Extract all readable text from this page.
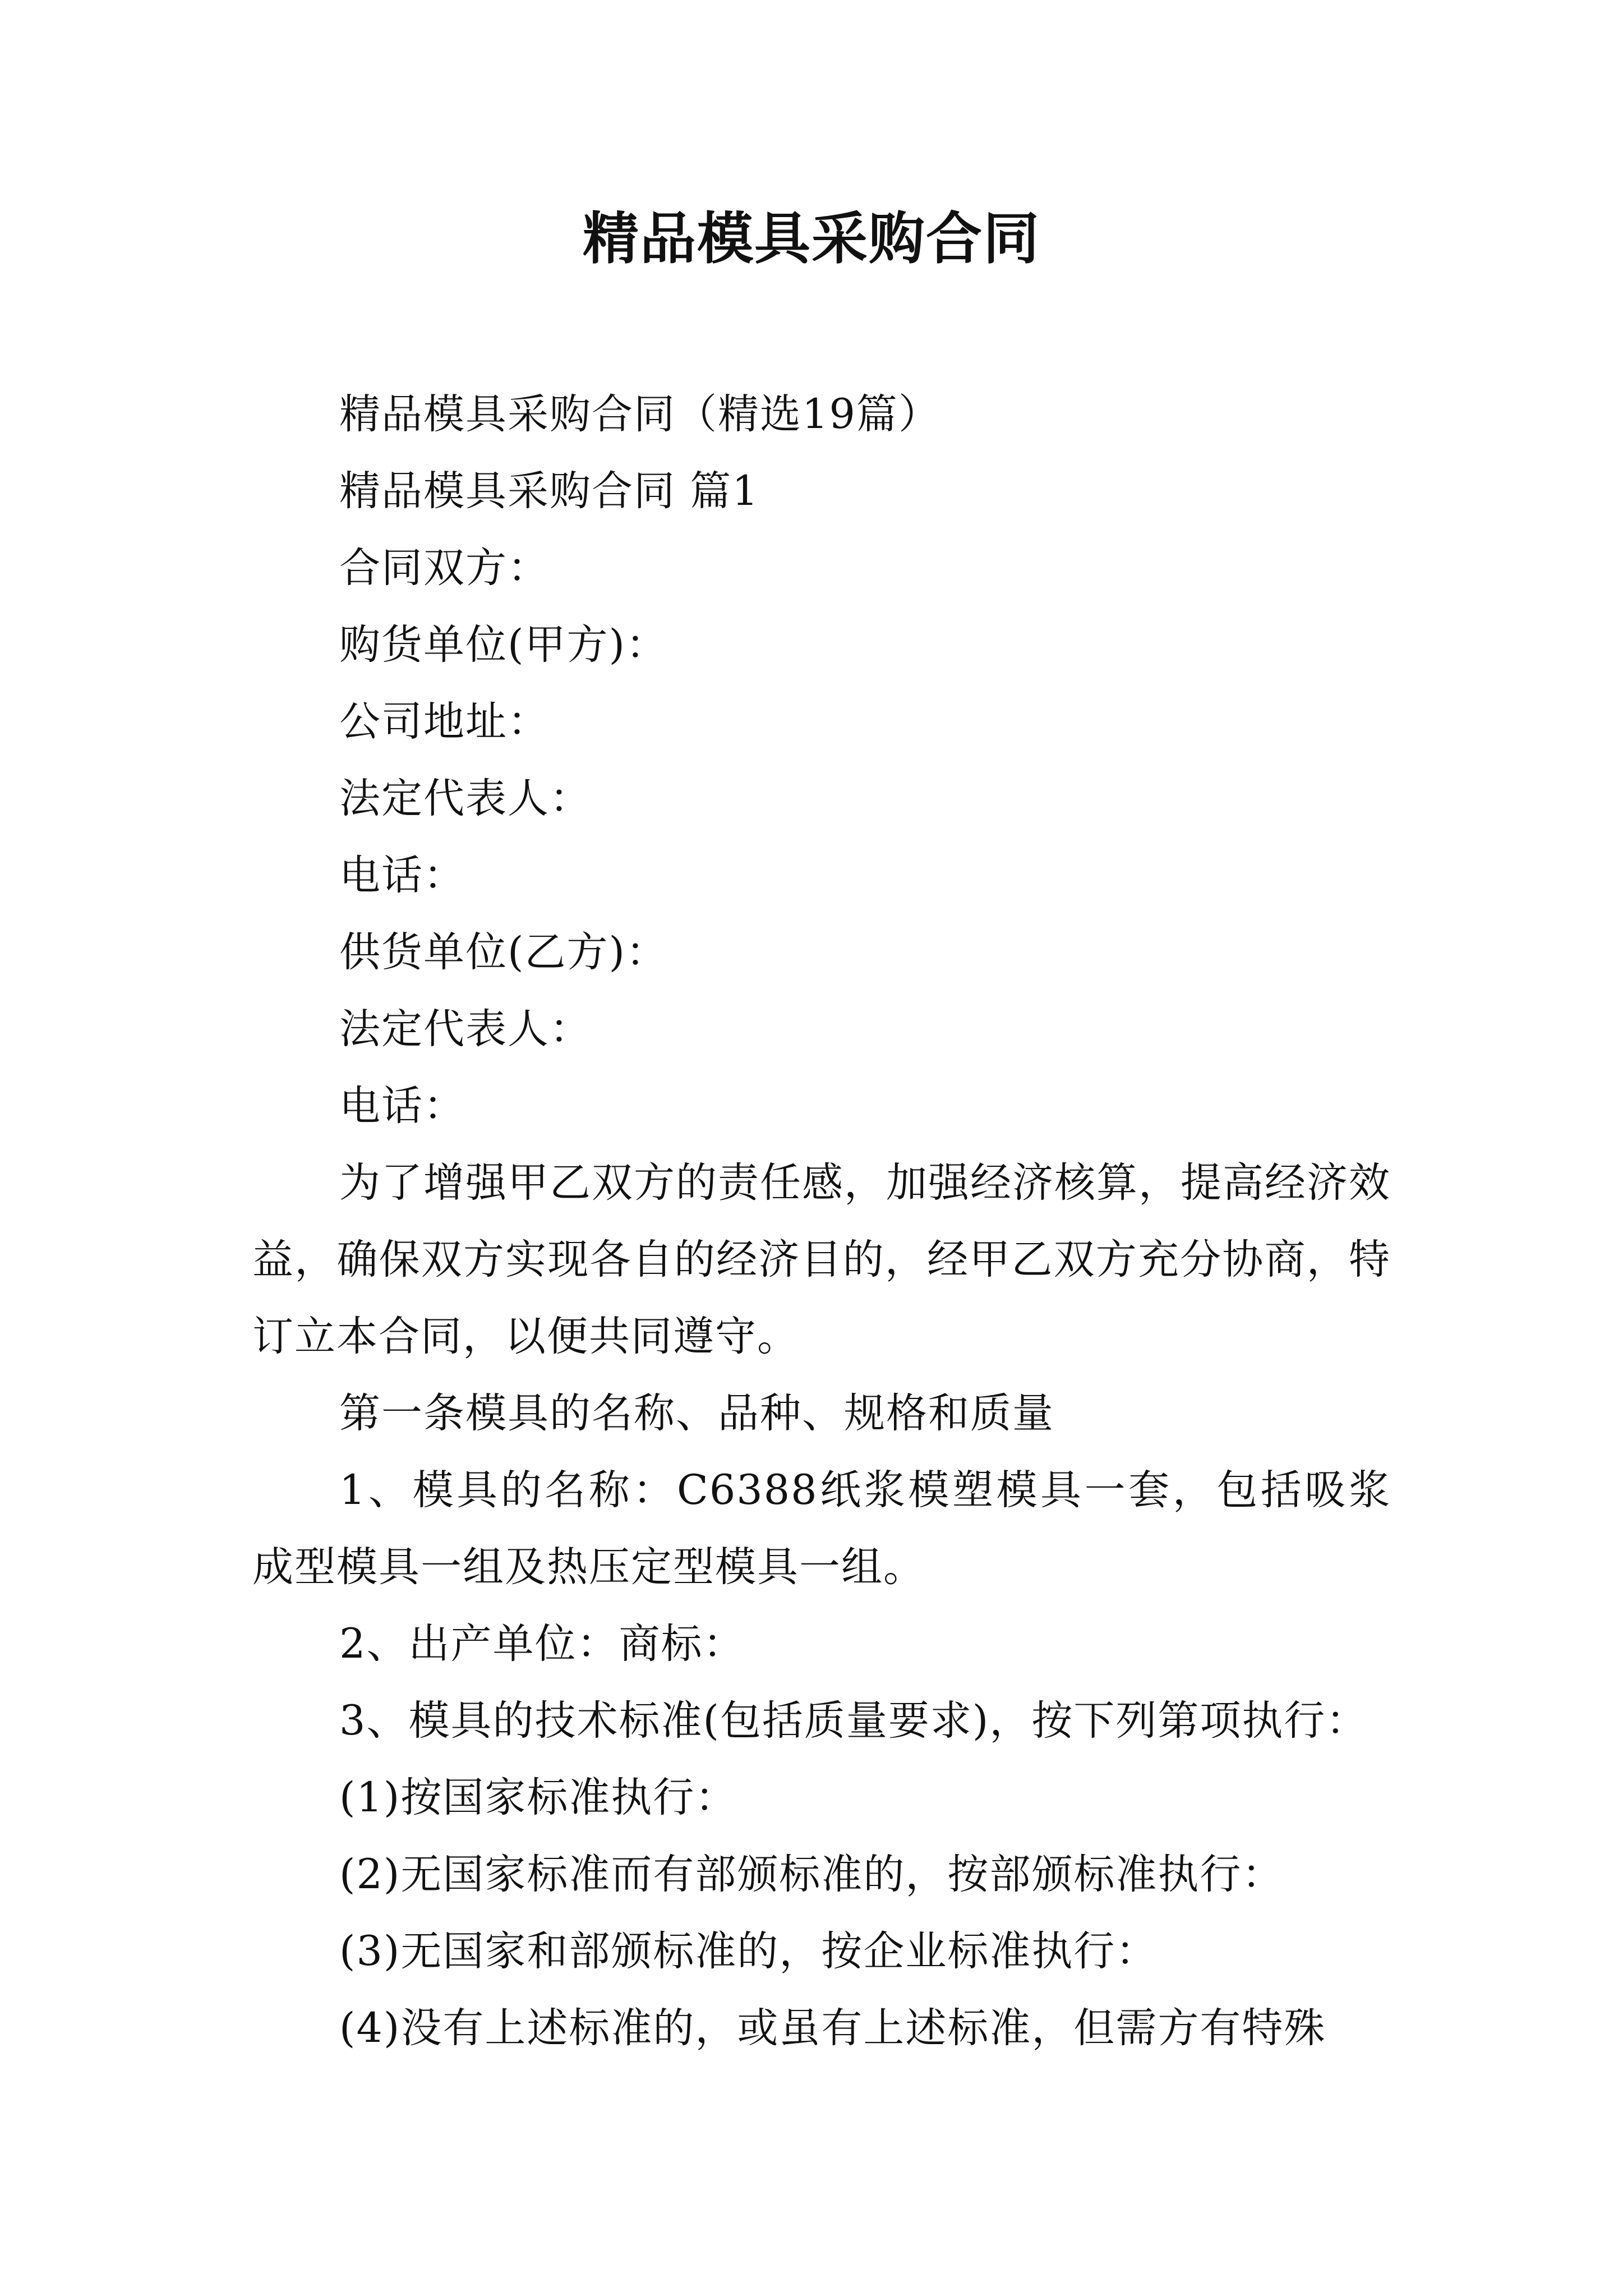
精品模具采购合同

精品模具采购合同（精选19篇）

精品模具采购合同 篇1

合同双方：

购货单位(甲方)：

公司地址：

法定代表人：

电话：

供货单位(乙方)：

法定代表人：

电话：

为了增强甲乙双方的责任感，加强经济核算，提高经济效益，确保双方实现各自的经济目的，经甲乙双方充分协商，特订立本合同，以便共同遵守。

第一条模具的名称、品种、规格和质量

1、模具的名称：C6388纸浆模塑模具一套，包括吸浆成型模具一组及热压定型模具一组。

2、出产单位：商标：

3、模具的技术标准(包括质量要求)，按下列第项执行：

(1)按国家标准执行：

(2)无国家标准而有部颁标准的，按部颁标准执行：

(3)无国家和部颁标准的，按企业标准执行：

(4)没有上述标准的，或虽有上述标准，但需方有特殊
